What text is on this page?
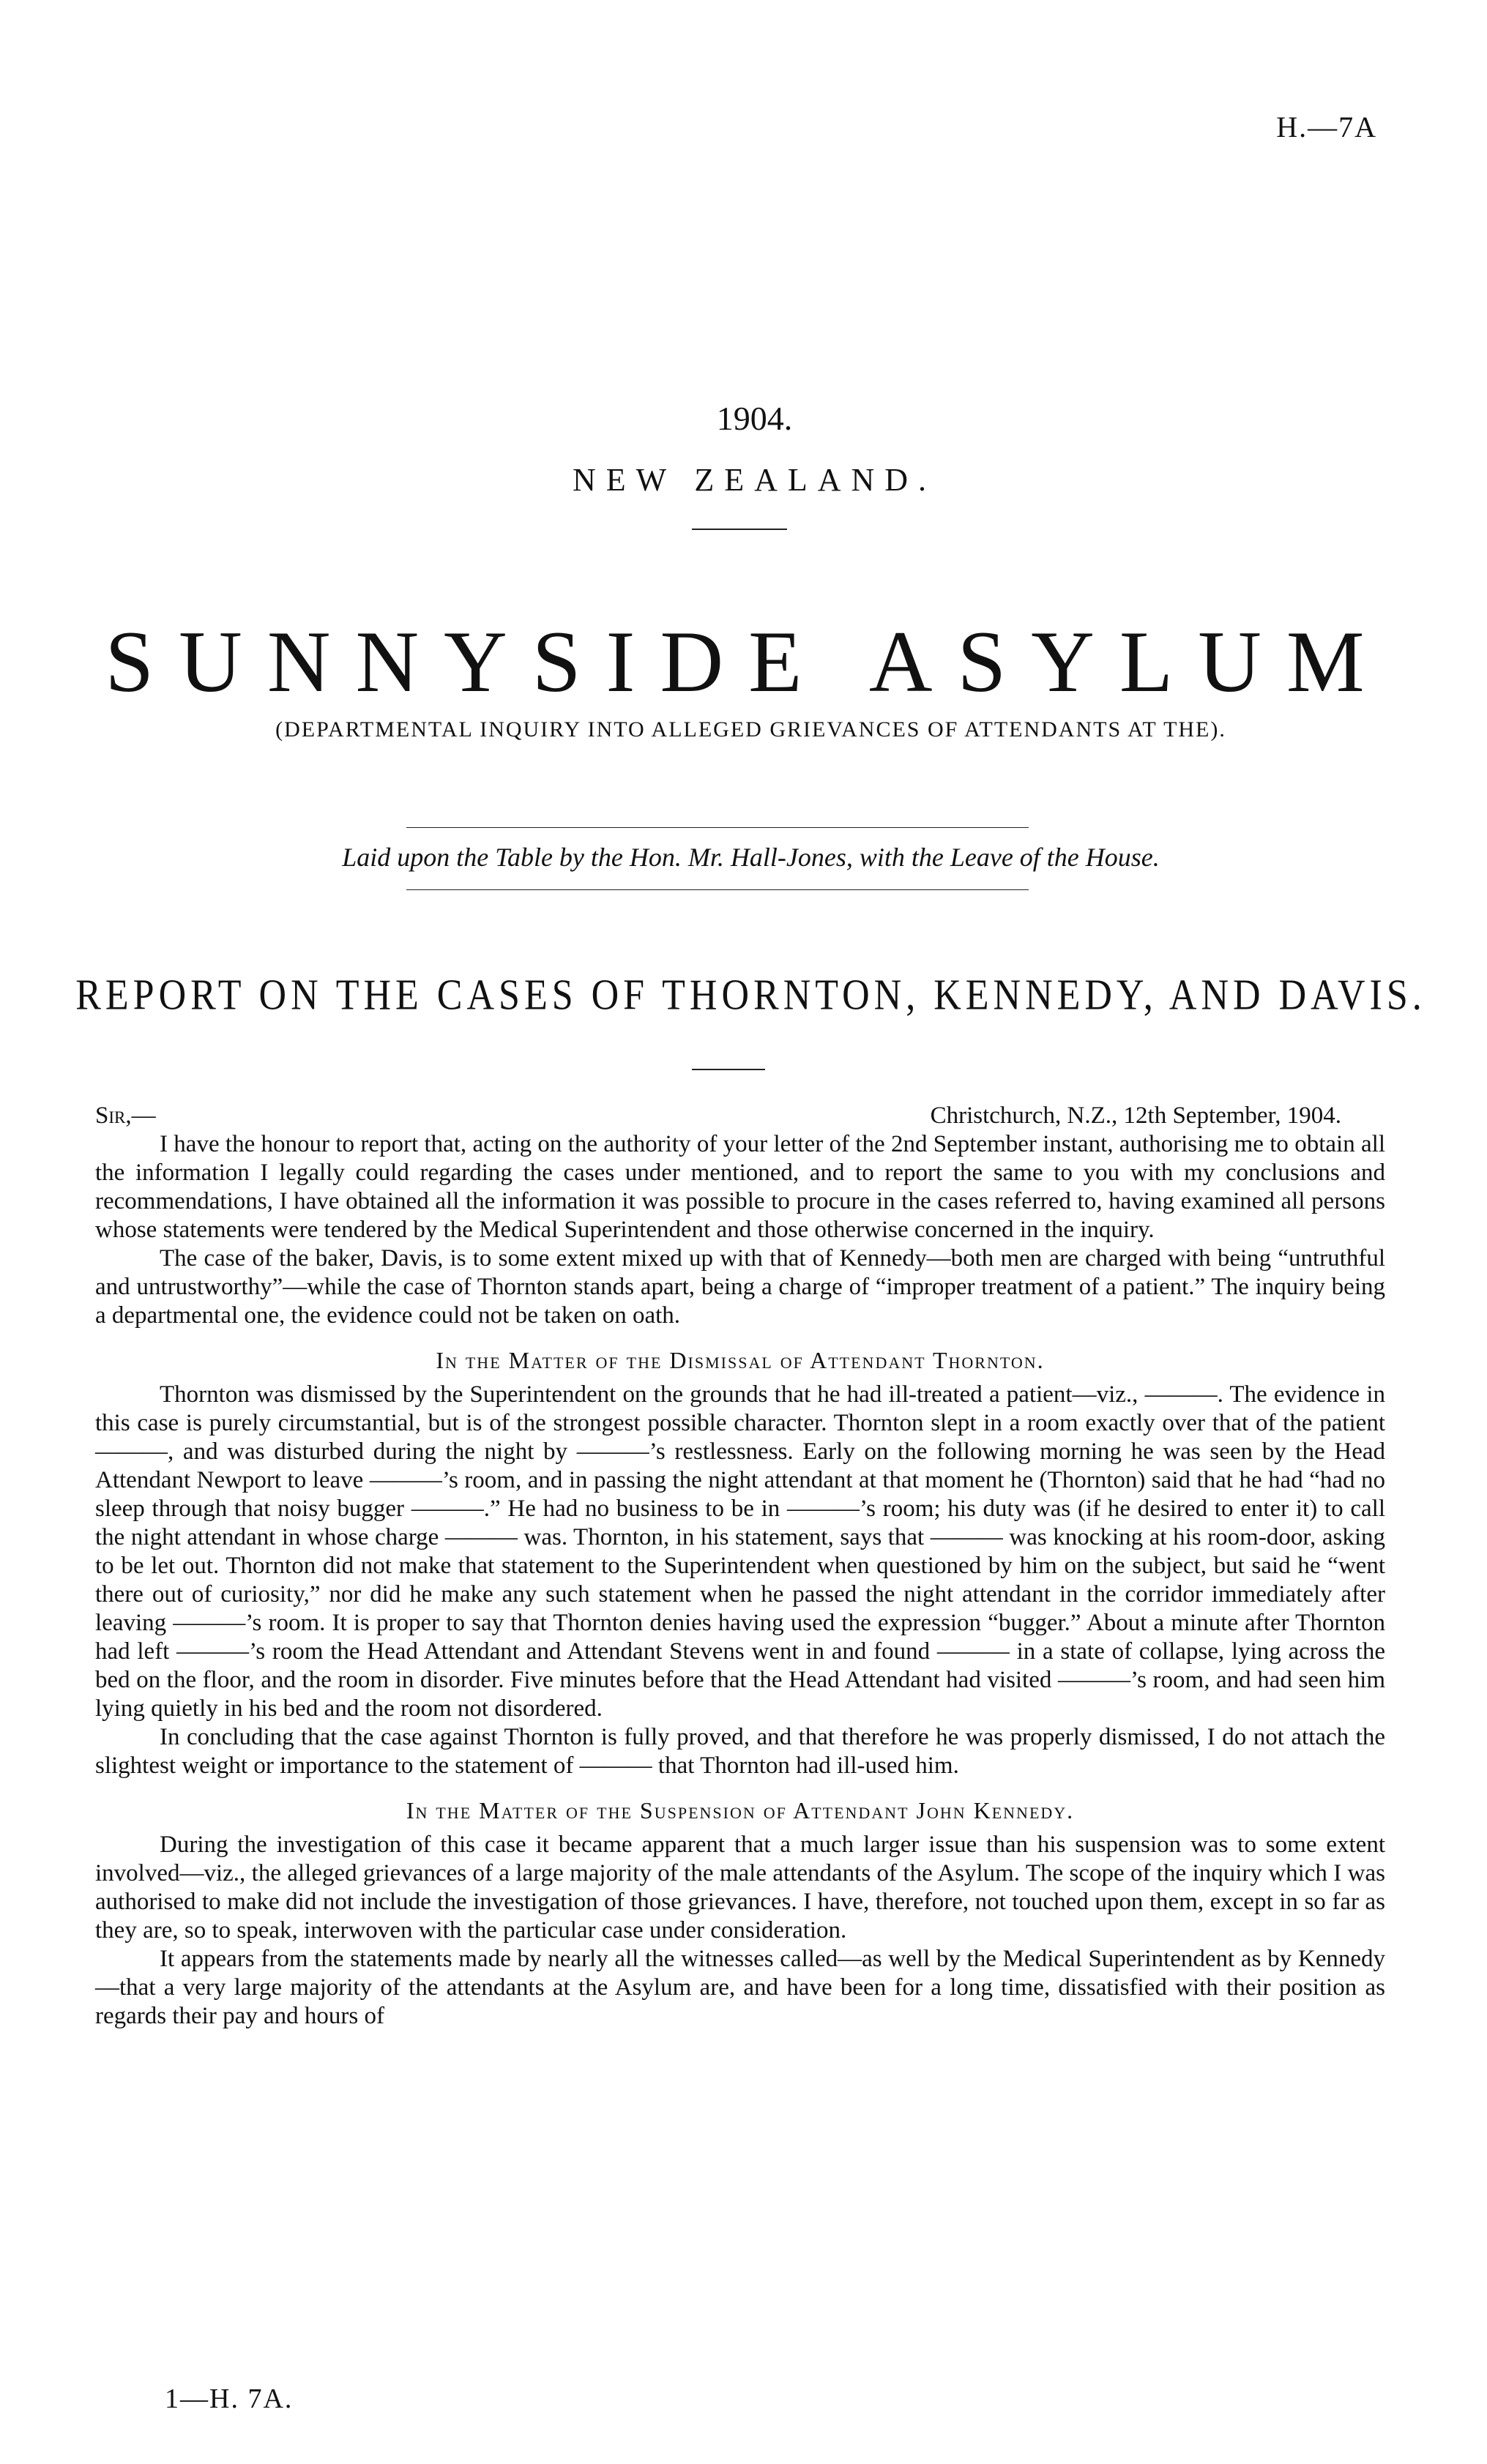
H.—7A
1904.
NEW ZEALAND.
SUNNYSIDE ASYLUM
(DEPARTMENTAL INQUIRY INTO ALLEGED GRIEVANCES OF ATTENDANTS AT THE).
Laid upon the Table by the Hon. Mr. Hall-Jones, with the Leave of the House.
REPORT ON THE CASES OF THORNTON, KENNEDY, AND DAVIS.
Sir,—	Christchurch, N.Z., 12th September, 1904.

I have the honour to report that, acting on the authority of your letter of the 2nd September instant, authorising me to obtain all the information I legally could regarding the cases under mentioned, and to report the same to you with my conclusions and recommendations, I have obtained all the information it was possible to procure in the cases referred to, having examined all persons whose statements were tendered by the Medical Superintendent and those otherwise concerned in the inquiry.

The case of the baker, Davis, is to some extent mixed up with that of Kennedy—both men are charged with being “untruthful and untrustworthy”—while the case of Thornton stands apart, being a charge of “improper treatment of a patient.” The inquiry being a departmental one, the evidence could not be taken on oath.

In the Matter of the Dismissal of Attendant Thornton.

Thornton was dismissed by the Superintendent on the grounds that he had ill-treated a patient—viz., ———. The evidence in this case is purely circumstantial, but is of the strongest possible character. Thornton slept in a room exactly over that of the patient ———, and was disturbed during the night by ———’s restlessness. Early on the following morning he was seen by the Head Attendant Newport to leave ———’s room, and in passing the night attendant at that moment he (Thornton) said that he had “had no sleep through that noisy bugger ———.” He had no business to be in ———’s room; his duty was (if he desired to enter it) to call the night attendant in whose charge ——— was. Thornton, in his statement, says that ——— was knocking at his room-door, asking to be let out. Thornton did not make that statement to the Superintendent when questioned by him on the subject, but said he “went there out of curiosity,” nor did he make any such statement when he passed the night attendant in the corridor immediately after leaving ———’s room. It is proper to say that Thornton denies having used the expression “bugger.” About a minute after Thornton had left ———’s room the Head Attendant and Attendant Stevens went in and found ——— in a state of collapse, lying across the bed on the floor, and the room in disorder. Five minutes before that the Head Attendant had visited ———’s room, and had seen him lying quietly in his bed and the room not disordered.

In concluding that the case against Thornton is fully proved, and that therefore he was properly dismissed, I do not attach the slightest weight or importance to the statement of ——— that Thornton had ill-used him.

In the Matter of the Suspension of Attendant John Kennedy.

During the investigation of this case it became apparent that a much larger issue than his suspension was to some extent involved—viz., the alleged grievances of a large majority of the male attendants of the Asylum. The scope of the inquiry which I was authorised to make did not include the investigation of those grievances. I have, therefore, not touched upon them, except in so far as they are, so to speak, interwoven with the particular case under consideration.

It appears from the statements made by nearly all the witnesses called—as well by the Medical Superintendent as by Kennedy—that a very large majority of the attendants at the Asylum are, and have been for a long time, dissatisfied with their position as regards their pay and hours of

1—H. 7A.
